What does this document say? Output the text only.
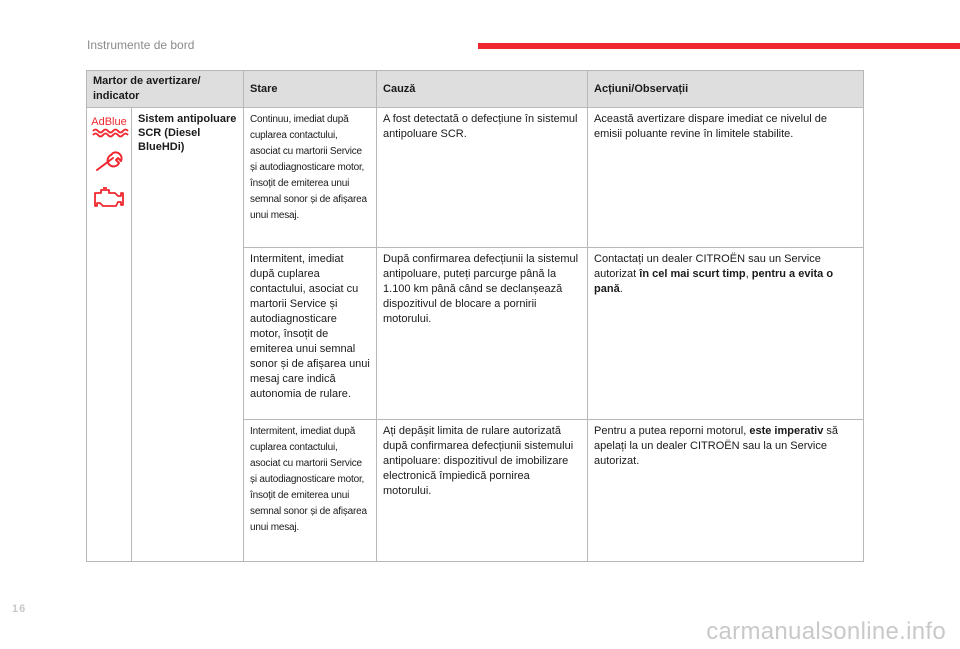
Instrumente de bord
Martor de avertizare/ indicator		Stare	Cauză	Acțiuni/Observații

AdBlue	Sistem antipoluare SCR (Diesel BlueHDi)	Continuu, imediat după cuplarea contactului, asociat cu martorii Service și autodiagnosticare motor, însoțit de emiterea unui semnal sonor și de afișarea unui mesaj.	A fost detectată o defecțiune în sistemul antipoluare SCR.	Această avertizare dispare imediat ce nivelul de emisii poluante revine în limitele stabilite.
		Intermitent, imediat după cuplarea contactului, asociat cu martorii Service și autodiagnosticare motor, însoțit de emiterea unui semnal sonor și de afișarea unui mesaj care indică autonomia de rulare.	După confirmarea defecțiunii la sistemul antipoluare, puteți parcurge până la 1.100 km până când se declanșează dispozitivul de blocare a pornirii motorului.	Contactați un dealer CITROËN sau un Service autorizat în cel mai scurt timp, pentru a evita o pană.
		Intermitent, imediat după cuplarea contactului, asociat cu martorii Service și autodiagnosticare motor, însoțit de emiterea unui semnal sonor și de afișarea unui mesaj.	Ați depășit limita de rulare autorizată după confirmarea defecțiunii sistemului antipoluare: dispozitivul de imobilizare electronică împiedică pornirea motorului.	Pentru a putea reporni motorul, este imperativ să apelați la un dealer CITROËN sau la un Service autorizat.
16
carmanualsonline.info
